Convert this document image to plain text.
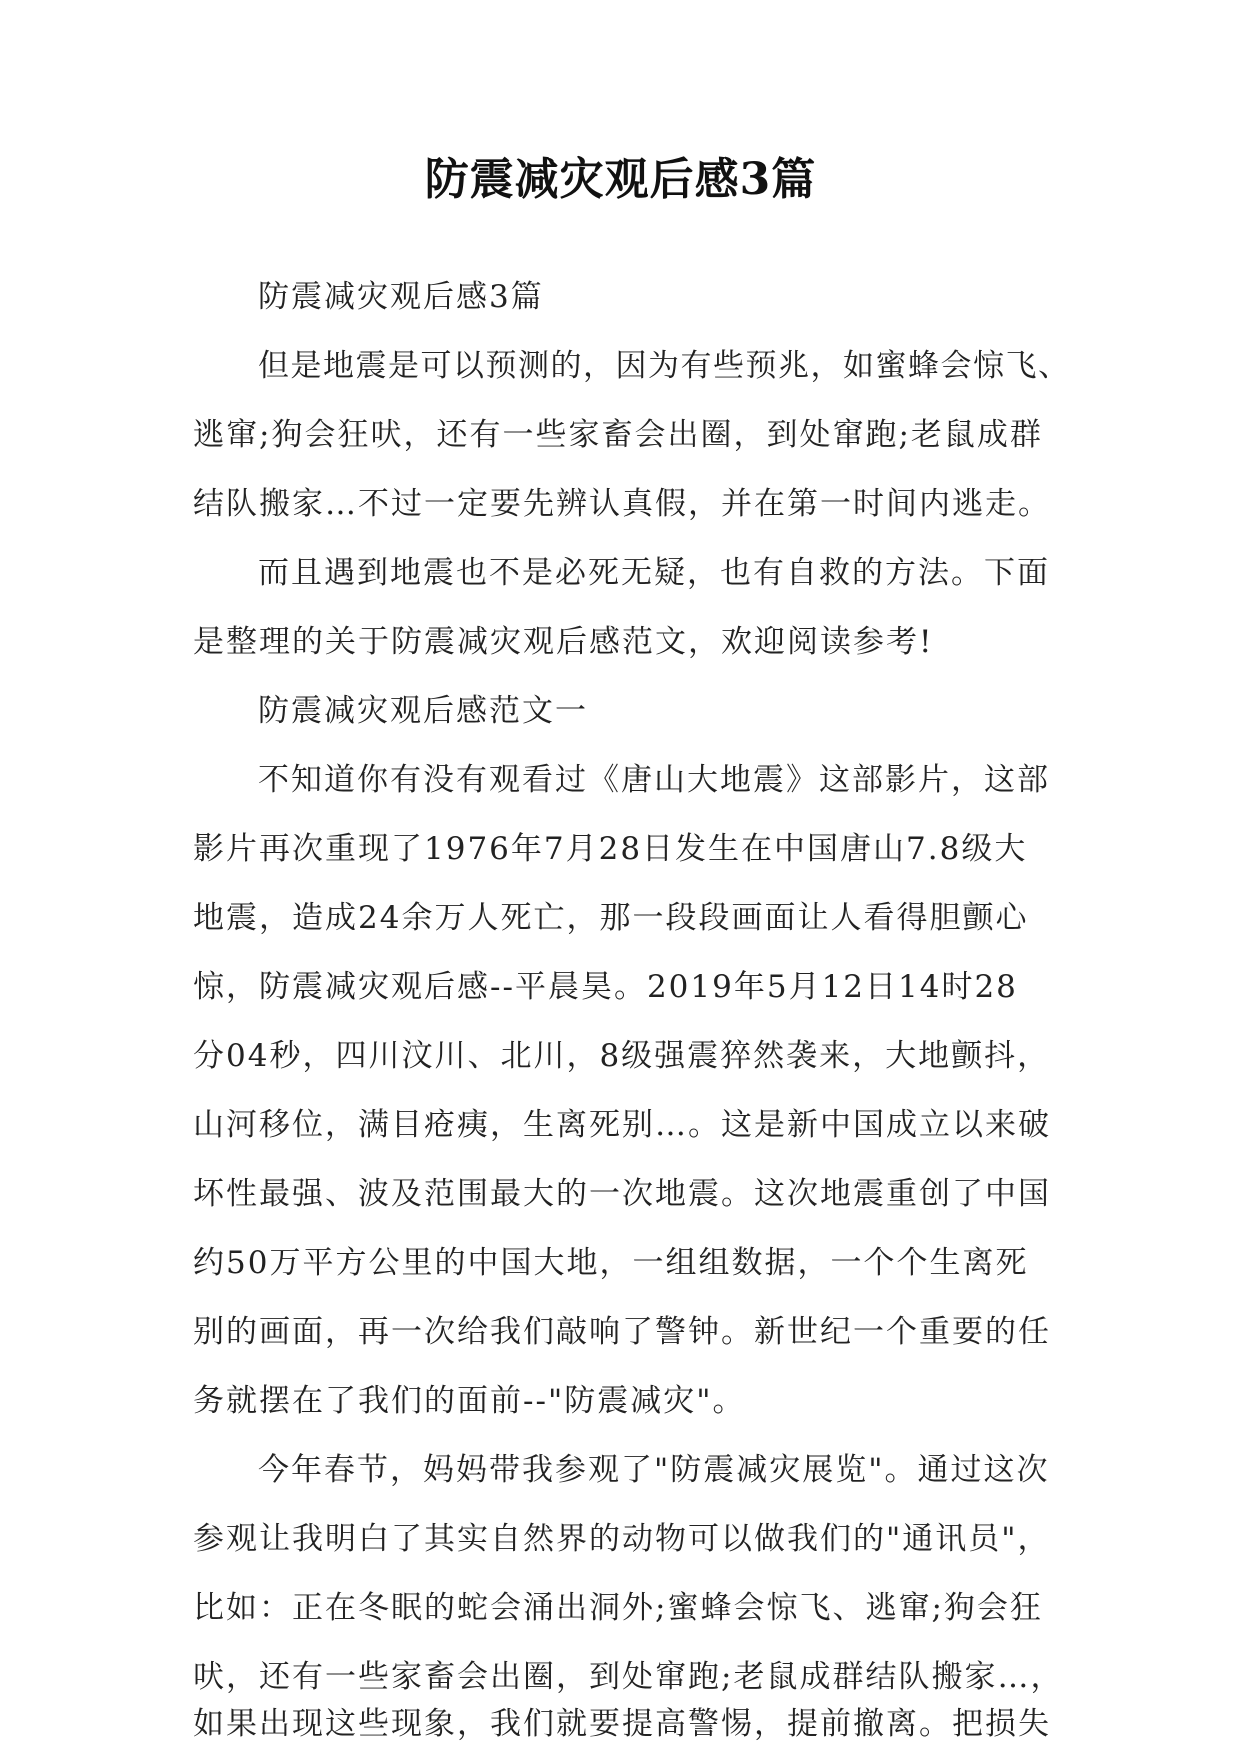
防震减灾观后感3篇
防震减灾观后感3篇
但是地震是可以预测的，因为有些预兆，如蜜蜂会惊飞、
逃窜;狗会狂吠，还有一些家畜会出圈，到处窜跑;老鼠成群
结队搬家…不过一定要先辨认真假，并在第一时间内逃走。
而且遇到地震也不是必死无疑，也有自救的方法。下面
是整理的关于防震减灾观后感范文，欢迎阅读参考!
防震减灾观后感范文一
不知道你有没有观看过《唐山大地震》这部影片，这部
影片再次重现了1976年7月28日发生在中国唐山7.8级大
地震，造成24余万人死亡，那一段段画面让人看得胆颤心
惊，防震减灾观后感--平晨昊。2019年5月12日14时28
分04秒，四川汶川、北川，8级强震猝然袭来，大地颤抖，
山河移位，满目疮痍，生离死别…。这是新中国成立以来破
坏性最强、波及范围最大的一次地震。这次地震重创了中国
约50万平方公里的中国大地，一组组数据，一个个生离死
别的画面，再一次给我们敲响了警钟。新世纪一个重要的任
务就摆在了我们的面前--"防震减灾"。
今年春节，妈妈带我参观了"防震减灾展览"。通过这次
参观让我明白了其实自然界的动物可以做我们的"通讯员"，
比如：正在冬眠的蛇会涌出洞外;蜜蜂会惊飞、逃窜;狗会狂
吠，还有一些家畜会出圈，到处窜跑;老鼠成群结队搬家…，
如果出现这些现象，我们就要提高警惕，提前撤离。把损失
